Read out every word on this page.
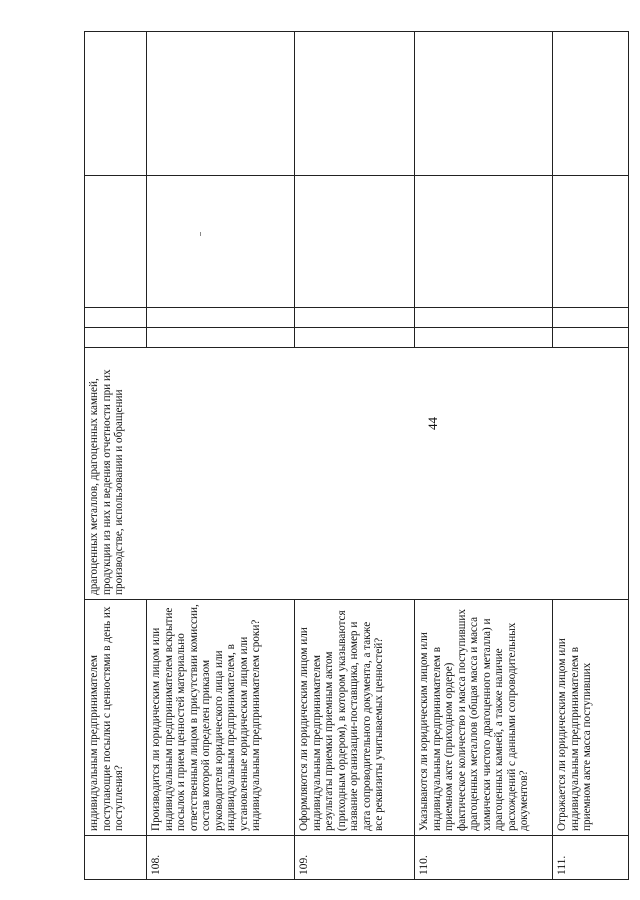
44
	индивидуальным предпринимателем поступающие посылки с ценностями в день их поступления?	драгоценных металлов, драгоценных камней, продукции из них и ведения отчетности при их производстве, использовании и обращении				
108.	Производится ли юридическим лицом или индивидуальным предпринимателем вскрытие посылок и прием ценностей материально ответственным лицом в присутствии комиссии, состав которой определен приказом руководителя юридического лица или индивидуальным предпринимателем, в установленные юридическим лицом или индивидуальным предпринимателем сроки?					
109.	Оформляются ли юридическим лицом или индивидуальным предпринимателем результаты приемки приемным актом (приходным ордером), в котором указываются название организации-поставщика, номер и дата сопроводительного документа, а также все реквизиты учитываемых ценностей?					
110.	Указываются ли юридическим лицом или индивидуальным предпринимателем в приемном акте (приходном ордере) фактическое количество и масса поступивших драгоценных металлов (общая масса и масса химически чистого драгоценного металла) и драгоценных камней, а также наличие расхождений с данными сопроводительных документов?					
111.	Отражается ли юридическим лицом или индивидуальным предпринимателем в приемном акте масса поступивших					
